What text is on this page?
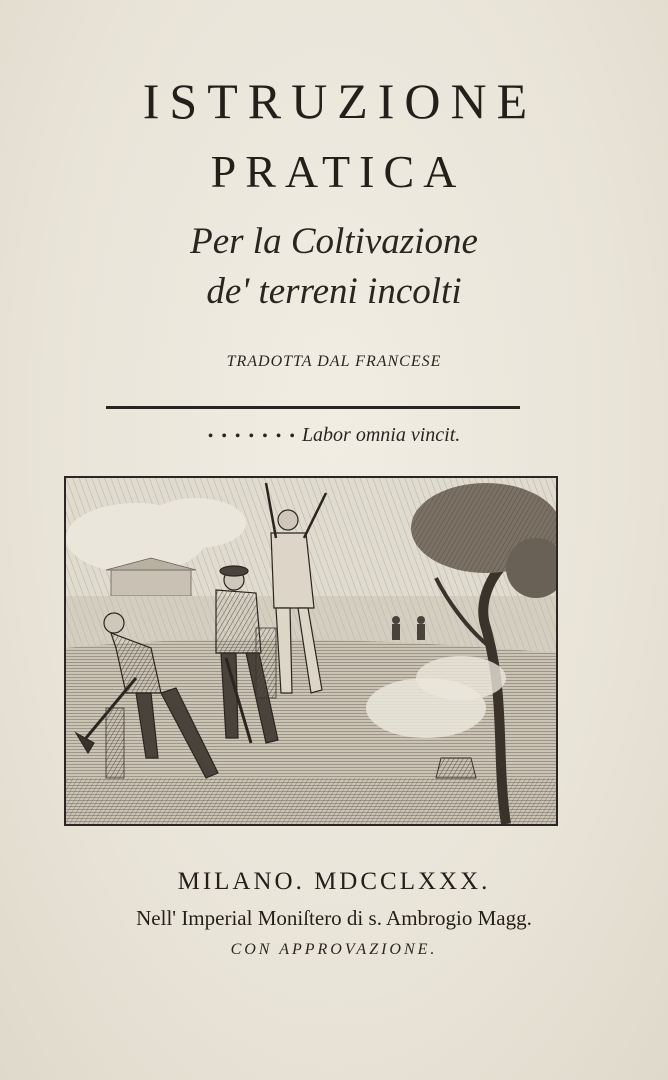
ISTRUZIONE
PRATICA
Per la Coltivazione
de' terreni incolti
TRADOTTA DAL FRANCESE
• • • • • • • Labor omnia vincit.
MILANO. MDCCLXXX.
Nell' Imperial Moniſtero di s. Ambrogio Magg.
CON APPROVAZIONE.
